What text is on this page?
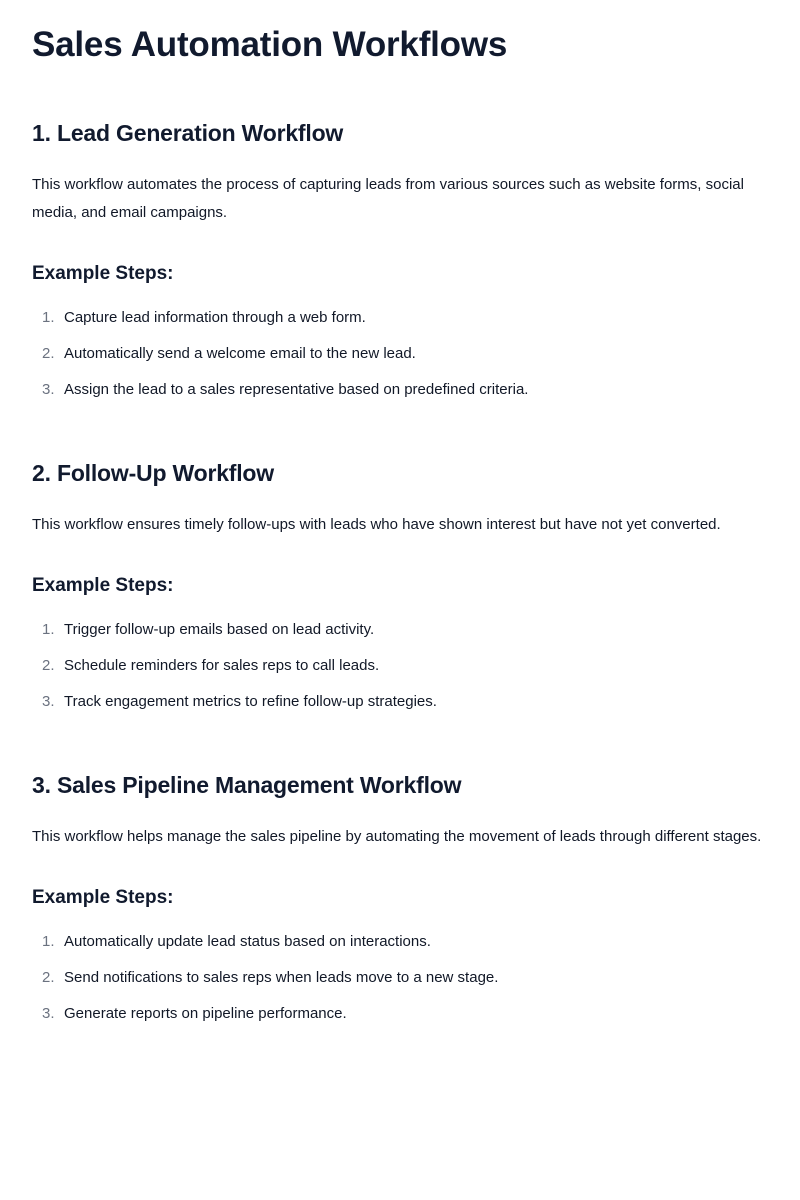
Sales Automation Workflows
1. Lead Generation Workflow

This workflow automates the process of capturing leads from various sources such as website forms, social media, and email campaigns.

Example Steps:
1. Capture lead information through a web form.
2. Automatically send a welcome email to the new lead.
3. Assign the lead to a sales representative based on predefined criteria.
2. Follow-Up Workflow

This workflow ensures timely follow-ups with leads who have shown interest but have not yet converted.

Example Steps:
1. Trigger follow-up emails based on lead activity.
2. Schedule reminders for sales reps to call leads.
3. Track engagement metrics to refine follow-up strategies.
3. Sales Pipeline Management Workflow

This workflow helps manage the sales pipeline by automating the movement of leads through different stages.

Example Steps:
1. Automatically update lead status based on interactions.
2. Send notifications to sales reps when leads move to a new stage.
3. Generate reports on pipeline performance.
